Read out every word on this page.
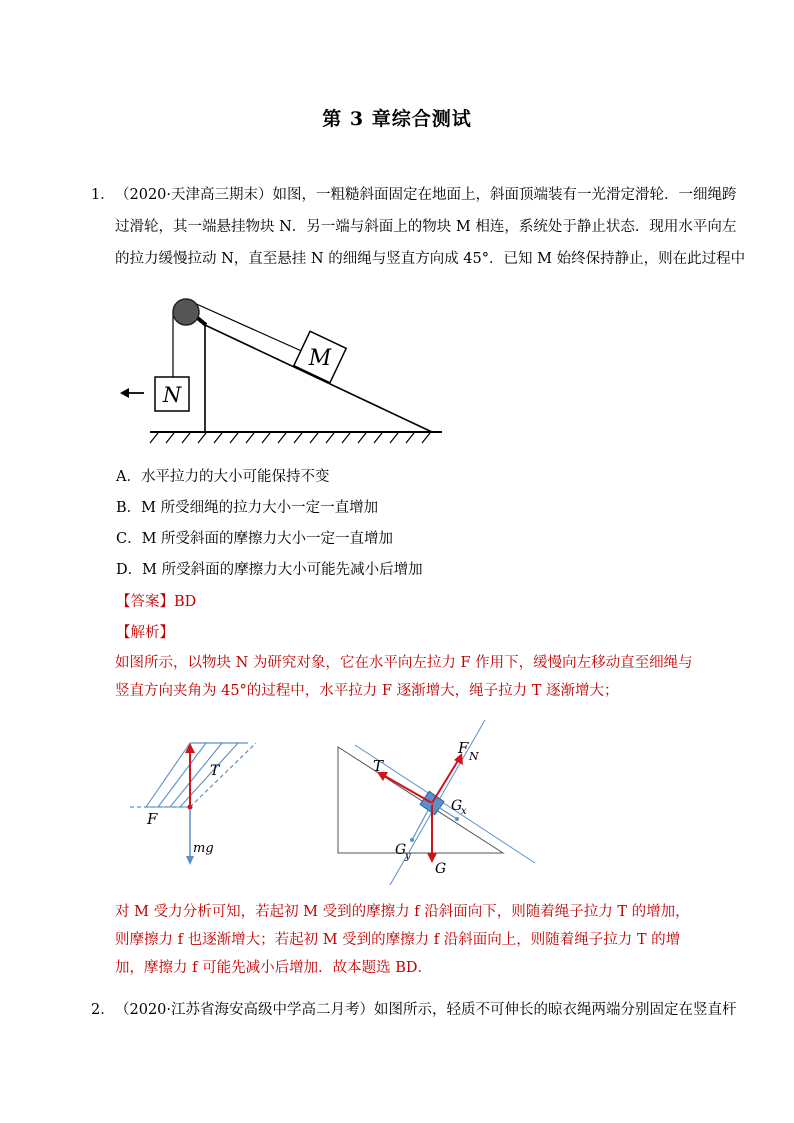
第 3 章综合测试
1． （2020·天津高三期末）如图，一粗糙斜面固定在地面上，斜面顶端装有一光滑定滑轮．一细绳跨
过滑轮，其一端悬挂物块 N．另一端与斜面上的物块 M 相连，系统处于静止状态．现用水平向左
的拉力缓慢拉动 N，直至悬挂 N 的细绳与竖直方向成 45°．已知 M 始终保持静止，则在此过程中
M
N
A．水平拉力的大小可能保持不变
B．M 所受细绳的拉力大小一定一直增加
C．M 所受斜面的摩擦力大小一定一直增加
D．M 所受斜面的摩擦力大小可能先减小后增加
【答案】BD
【解析】
如图所示，以物块 N 为研究对象，它在水平向左拉力 F 作用下，缓慢向左移动直至细绳与竖直方向夹角为 45°的过程中，水平拉力 F 逐渐增大，绳子拉力 T 逐渐增大；
T
F
mg
T
F N
G
x
G
y
G
对 M 受力分析可知，若起初 M 受到的摩擦力 f 沿斜面向下，则随着绳子拉力 T 的增加，则摩擦力 f 也逐渐增大；若起初 M 受到的摩擦力 f 沿斜面向上，则随着绳子拉力 T 的增加，摩擦力 f 可能先减小后增加．故本题选 BD．
2． （2020·江苏省海安高级中学高二月考）如图所示，轻质不可伸长的晾衣绳两端分别固定在竖直杆
